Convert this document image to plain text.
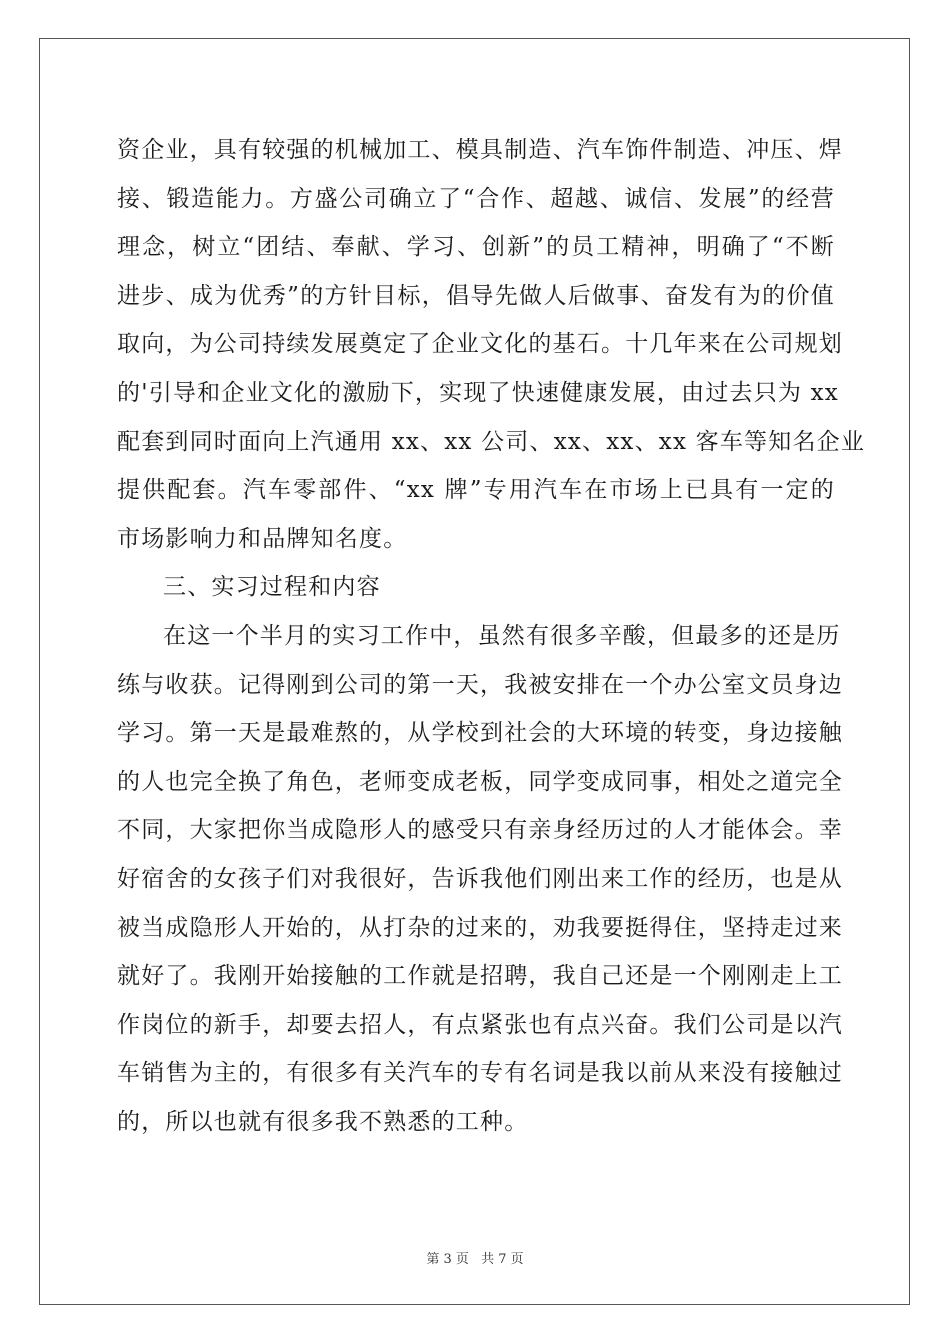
资企业，具有较强的机械加工、模具制造、汽车饰件制造、冲压、焊
接、锻造能力。方盛公司确立了“合作、超越、诚信、发展”的经营
理念，树立“团结、奉献、学习、创新”的员工精神，明确了“不断
进步、成为优秀”的方针目标，倡导先做人后做事、奋发有为的价值
取向，为公司持续发展奠定了企业文化的基石。十几年来在公司规划
的'引导和企业文化的激励下，实现了快速健康发展，由过去只为 xx
配套到同时面向上汽通用 xx、xx 公司、xx、xx、xx 客车等知名企业
提供配套。汽车零部件、“xx 牌”专用汽车在市场上已具有一定的
市场影响力和品牌知名度。
三、实习过程和内容
在这一个半月的实习工作中，虽然有很多辛酸，但最多的还是历
练与收获。记得刚到公司的第一天，我被安排在一个办公室文员身边
学习。第一天是最难熬的，从学校到社会的大环境的转变，身边接触
的人也完全换了角色，老师变成老板，同学变成同事，相处之道完全
不同，大家把你当成隐形人的感受只有亲身经历过的人才能体会。幸
好宿舍的女孩子们对我很好，告诉我他们刚出来工作的经历，也是从
被当成隐形人开始的，从打杂的过来的，劝我要挺得住，坚持走过来
就好了。我刚开始接触的工作就是招聘，我自己还是一个刚刚走上工
作岗位的新手，却要去招人，有点紧张也有点兴奋。我们公司是以汽
车销售为主的，有很多有关汽车的专有名词是我以前从来没有接触过
的，所以也就有很多我不熟悉的工种。
第 3 页 共 7 页
